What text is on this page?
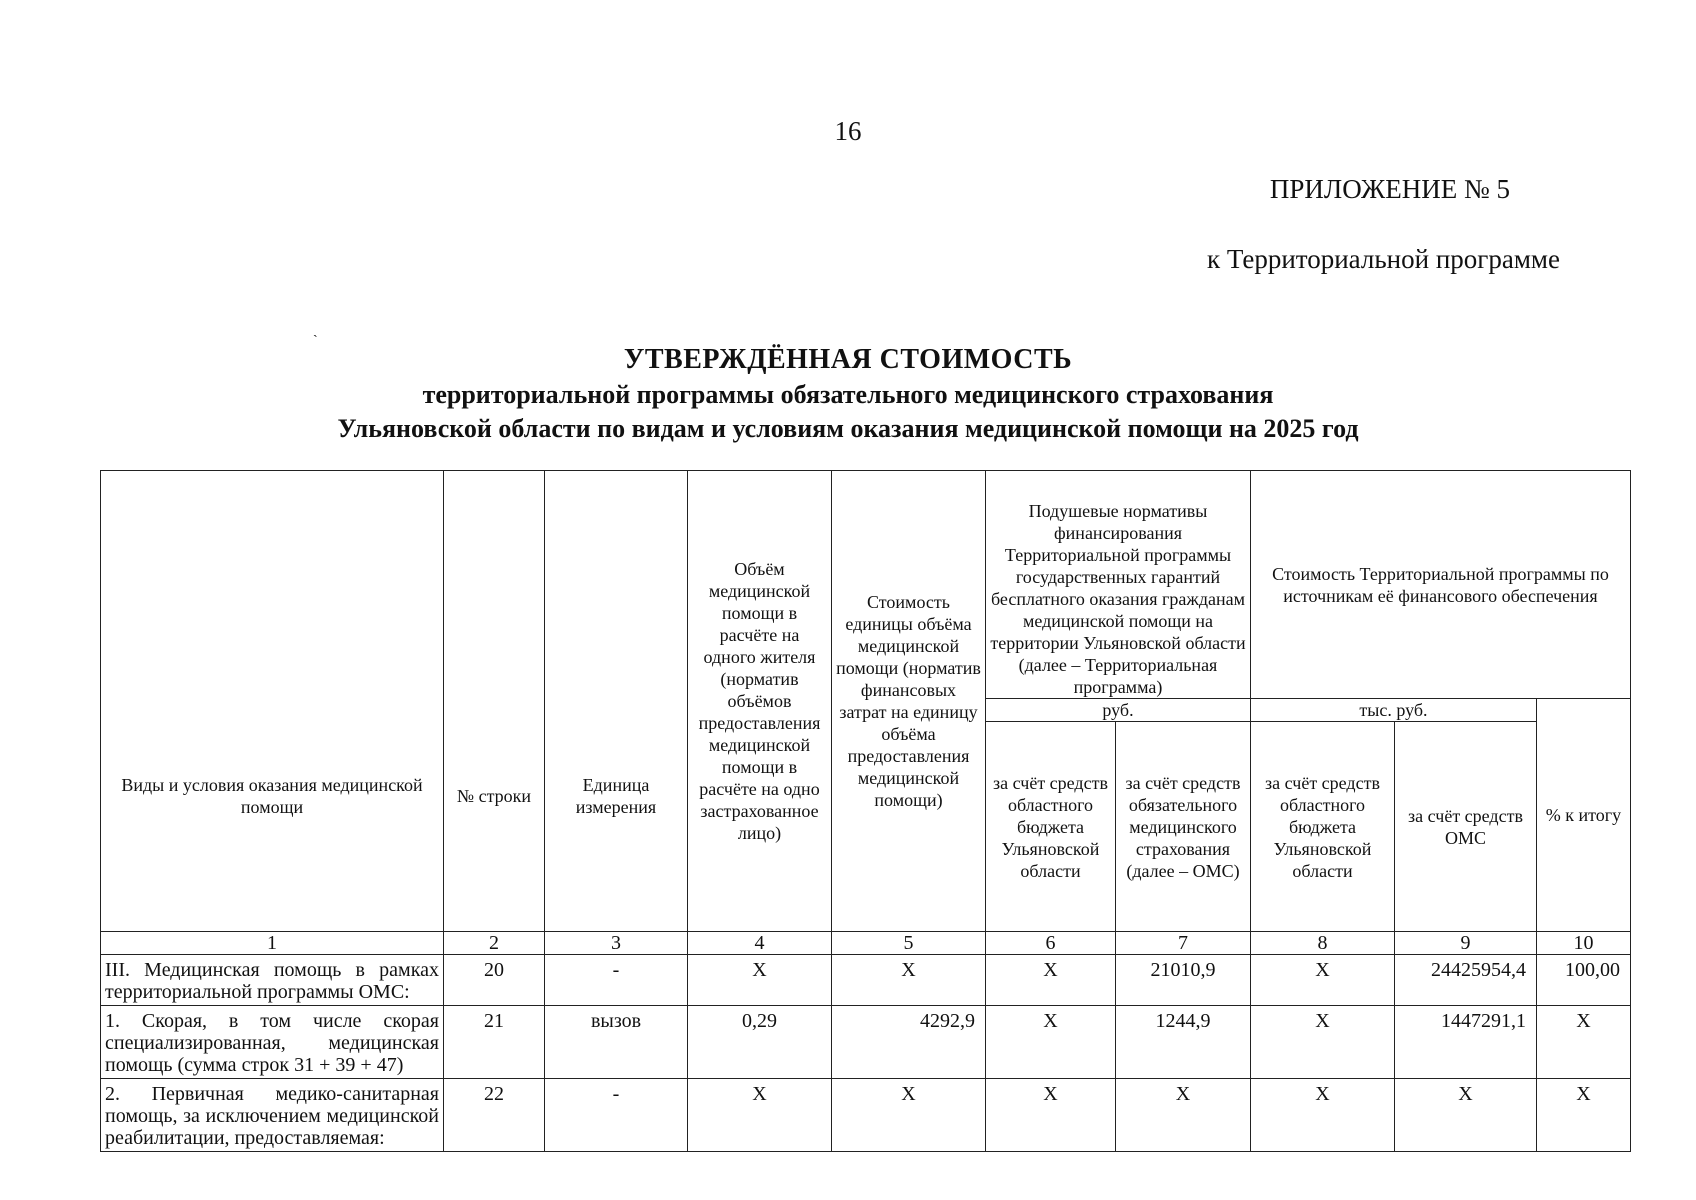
16
ПРИЛОЖЕНИЕ № 5
к Территориальной программе
ˏ
УТВЕРЖДЁННАЯ СТОИМОСТЬ
территориальной программы обязательного медицинского страхования
Ульяновской области по видам и условиям оказания медицинской помощи на 2025 год
Виды и условия оказания медицинской помощи	№ строки	Единица измерения	Объём медицинской помощи в расчёте на одного жителя (норматив объёмов предоставления медицинской помощи в расчёте на одно застрахованное лицо)	Стоимость единицы объёма медицинской помощи (норматив финансовых затрат на единицу объёма предоставления медицинской помощи)	Подушевые нормативы финансирования Территориальной программы государственных гарантий бесплатного оказания гражданам медицинской помощи на территории Ульяновской области (далее – Территориальная программа)		Стоимость Территориальной программы по источникам её финансового обеспечения		
					руб.		тыс. руб.		% к итогу
					за счёт средств областного бюджета Ульяновской области	за счёт средств обязательного медицинского страхования (далее – ОМС)	за счёт средств областного бюджета Ульяновской области	за счёт средств ОМС	
1	2	3	4	5	6	7	8	9	10
III. Медицинская помощь в рамках территориальной программы ОМС:	20	-	X	X	X	21010,9	X	24425954,4	100,00
1. Скорая, в том числе скорая специализированная, медицинская помощь (сумма строк 31 + 39 + 47)	21	вызов	0,29	4292,9	X	1244,9	X	1447291,1	X
2. Первичная медико-санитарная помощь, за исключением медицинской реабилитации, предоставляемая:	22	-	X	X	X	X	X	X	X
